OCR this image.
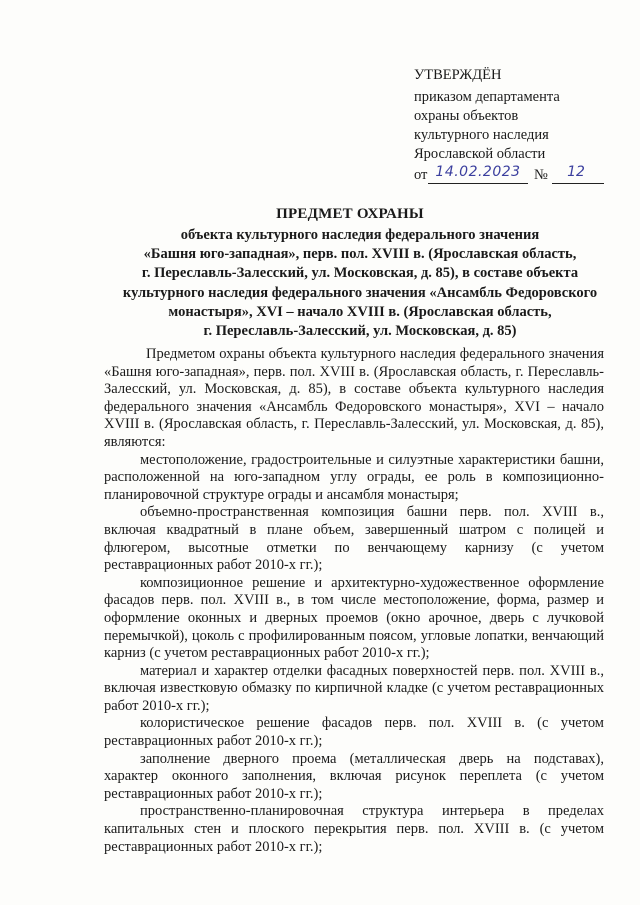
УТВЕРЖДЁН
приказом департамента
охраны объектов
культурного наследия
Ярославской области
от 14.02.2023 №	12
ПРЕДМЕТ ОХРАНЫ
объекта культурного наследия федерального значения
«Башня юго-западная», перв. пол. XVIII в. (Ярославская область,
г. Переславль-Залесский, ул. Московская, д. 85), в составе объекта
культурного наследия федерального значения «Ансамбль Федоровского
монастыря», XVI – начало XVIII в. (Ярославская область,
г. Переславль-Залесский, ул. Московская, д. 85)

Предметом охраны объекта культурного наследия федерального значения «Башня юго-западная», перв. пол. XVIII в. (Ярославская область, г. Переславль-Залесский, ул. Московская, д. 85), в составе объекта культурного наследия федерального значения «Ансамбль Федоровского монастыря», XVI – начало XVIII в. (Ярославская область, г. Переславль-Залесский, ул. Московская, д. 85), являются:

местоположение, градостроительные и силуэтные характеристики башни, расположенной на юго-западном углу ограды, ее роль в композиционно-планировочной структуре ограды и ансамбля монастыря;

объемно-пространственная композиция башни перв. пол. XVIII в., включая квадратный в плане объем, завершенный шатром с полицей и флюгером, высотные отметки по венчающему карнизу (с учетом реставрационных работ 2010-х гг.);

композиционное решение и архитектурно-художественное оформление фасадов перв. пол. XVIII в., в том числе местоположение, форма, размер и оформление оконных и дверных проемов (окно арочное, дверь с лучковой перемычкой), цоколь с профилированным поясом, угловые лопатки, венчающий карниз (с учетом реставрационных работ 2010-х гг.);

материал и характер отделки фасадных поверхностей перв. пол. XVIII в., включая известковую обмазку по кирпичной кладке (с учетом реставрационных работ 2010-х гг.);

колористическое решение фасадов перв. пол. XVIII в. (с учетом реставрационных работ 2010-х гг.);

заполнение дверного проема (металлическая дверь на подставах), характер оконного заполнения, включая рисунок переплета (с учетом реставрационных работ 2010-х гг.);

пространственно-планировочная структура интерьера в пределах капитальных стен и плоского перекрытия перв. пол. XVIII в. (с учетом реставрационных работ 2010-х гг.);
